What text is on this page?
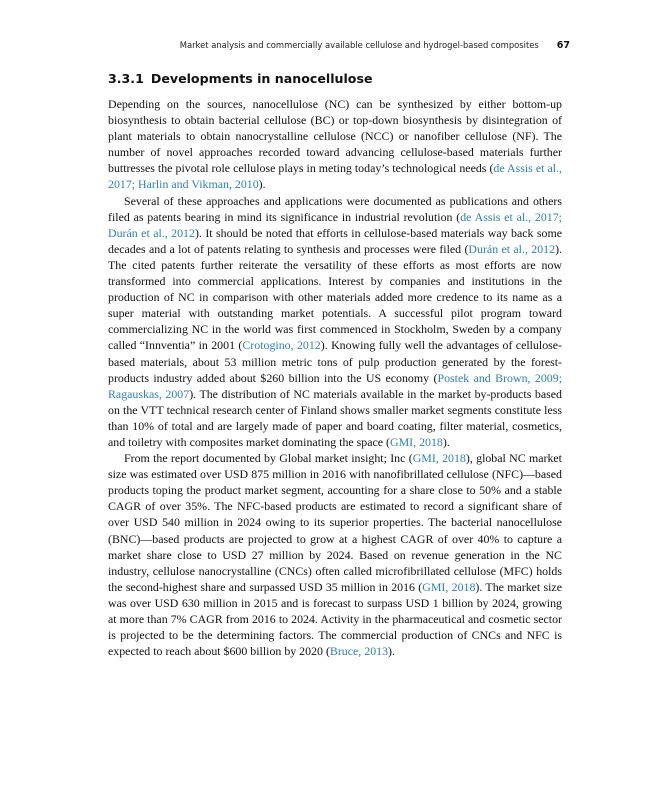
Market analysis and commercially available cellulose and hydrogel-based composites 67
3.3.1 Developments in nanocellulose

Depending on the sources, nanocellulose (NC) can be synthesized by either bottom-up biosynthesis to obtain bacterial cellulose (BC) or top-down biosynthesis by disintegration of plant materials to obtain nanocrystalline cellulose (NCC) or nanofiber cellulose (NF). The number of novel approaches recorded toward advancing cellulose-based materials further buttresses the pivotal role cellulose plays in meting today’s technological needs (de Assis et al., 2017; Harlin and Vikman, 2010).

Several of these approaches and applications were documented as publications and others filed as patents bearing in mind its significance in industrial revolution (de Assis et al., 2017; Durán et al., 2012). It should be noted that efforts in cellulose-based materials way back some decades and a lot of patents relating to synthesis and processes were filed (Durán et al., 2012). The cited patents further reiterate the versatility of these efforts as most efforts are now transformed into commercial applications. Interest by companies and institutions in the production of NC in comparison with other materials added more credence to its name as a super material with outstanding market potentials. A successful pilot program toward commercializing NC in the world was first commenced in Stockholm, Sweden by a company called “Innventia” in 2001 (Crotogino, 2012). Knowing fully well the advantages of cellulose-based materials, about 53 million metric tons of pulp production generated by the forest-products industry added about $260 billion into the US economy (Postek and Brown, 2009; Ragauskas, 2007). The distribution of NC materials available in the market by-products based on the VTT technical research center of Finland shows smaller market segments constitute less than 10% of total and are largely made of paper and board coating, filter material, cosmetics, and toiletry with composites market dominating the space (GMI, 2018).

From the report documented by Global market insight; Inc (GMI, 2018), global NC market size was estimated over USD 875 million in 2016 with nanofibrillated cellulose (NFC)—based products toping the product market segment, accounting for a share close to 50% and a stable CAGR of over 35%. The NFC-based products are estimated to record a significant share of over USD 540 million in 2024 owing to its superior properties. The bacterial nanocellulose (BNC)—based products are projected to grow at a highest CAGR of over 40% to capture a market share close to USD 27 million by 2024. Based on revenue generation in the NC industry, cellulose nanocrystalline (CNCs) often called microfibrillated cellulose (MFC) holds the second-highest share and surpassed USD 35 million in 2016 (GMI, 2018). The market size was over USD 630 million in 2015 and is forecast to surpass USD 1 billion by 2024, growing at more than 7% CAGR from 2016 to 2024. Activity in the pharmaceutical and cosmetic sector is projected to be the determining factors. The commercial production of CNCs and NFC is expected to reach about $600 billion by 2020 (Bruce, 2013).
